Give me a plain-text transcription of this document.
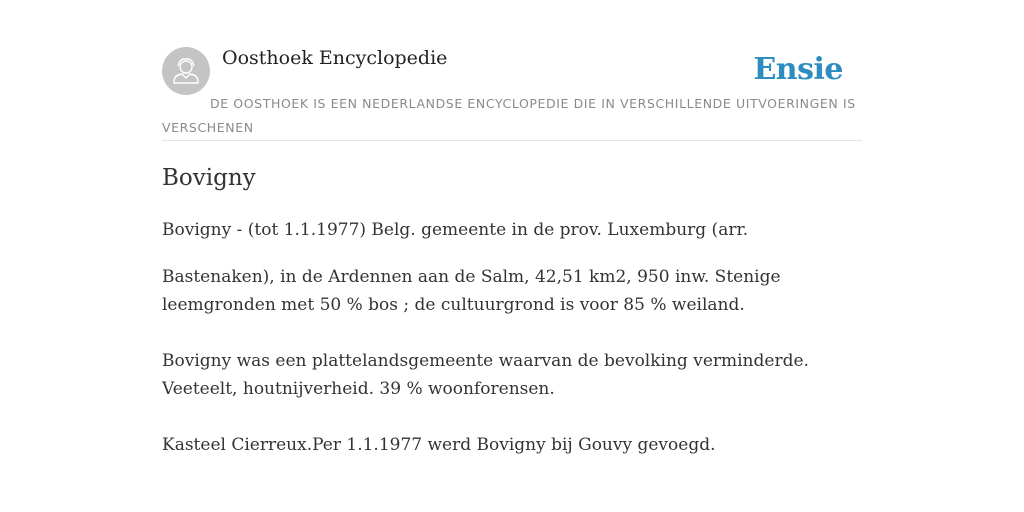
Oosthoek Encyclopedie	Ensie
DE OOSTHOEK IS EEN NEDERLANDSE ENCYCLOPEDIE DIE IN VERSCHILLENDE UITVOERINGEN IS VERSCHENEN
Bovigny

Bovigny - (tot 1.1.1977) Belg. gemeente in de prov. Luxemburg (arr.

Bastenaken), in de Ardennen aan de Salm, 42,51 km2, 950 inw. Stenige
leemgronden met 50 % bos ; de cultuurgrond is voor 85 % weiland.

Bovigny was een plattelandsgemeente waarvan de bevolking verminderde.
Veeteelt, houtnijverheid. 39 % woonforensen.

Kasteel Cierreux.Per 1.1.1977 werd Bovigny bij Gouvy gevoegd.
